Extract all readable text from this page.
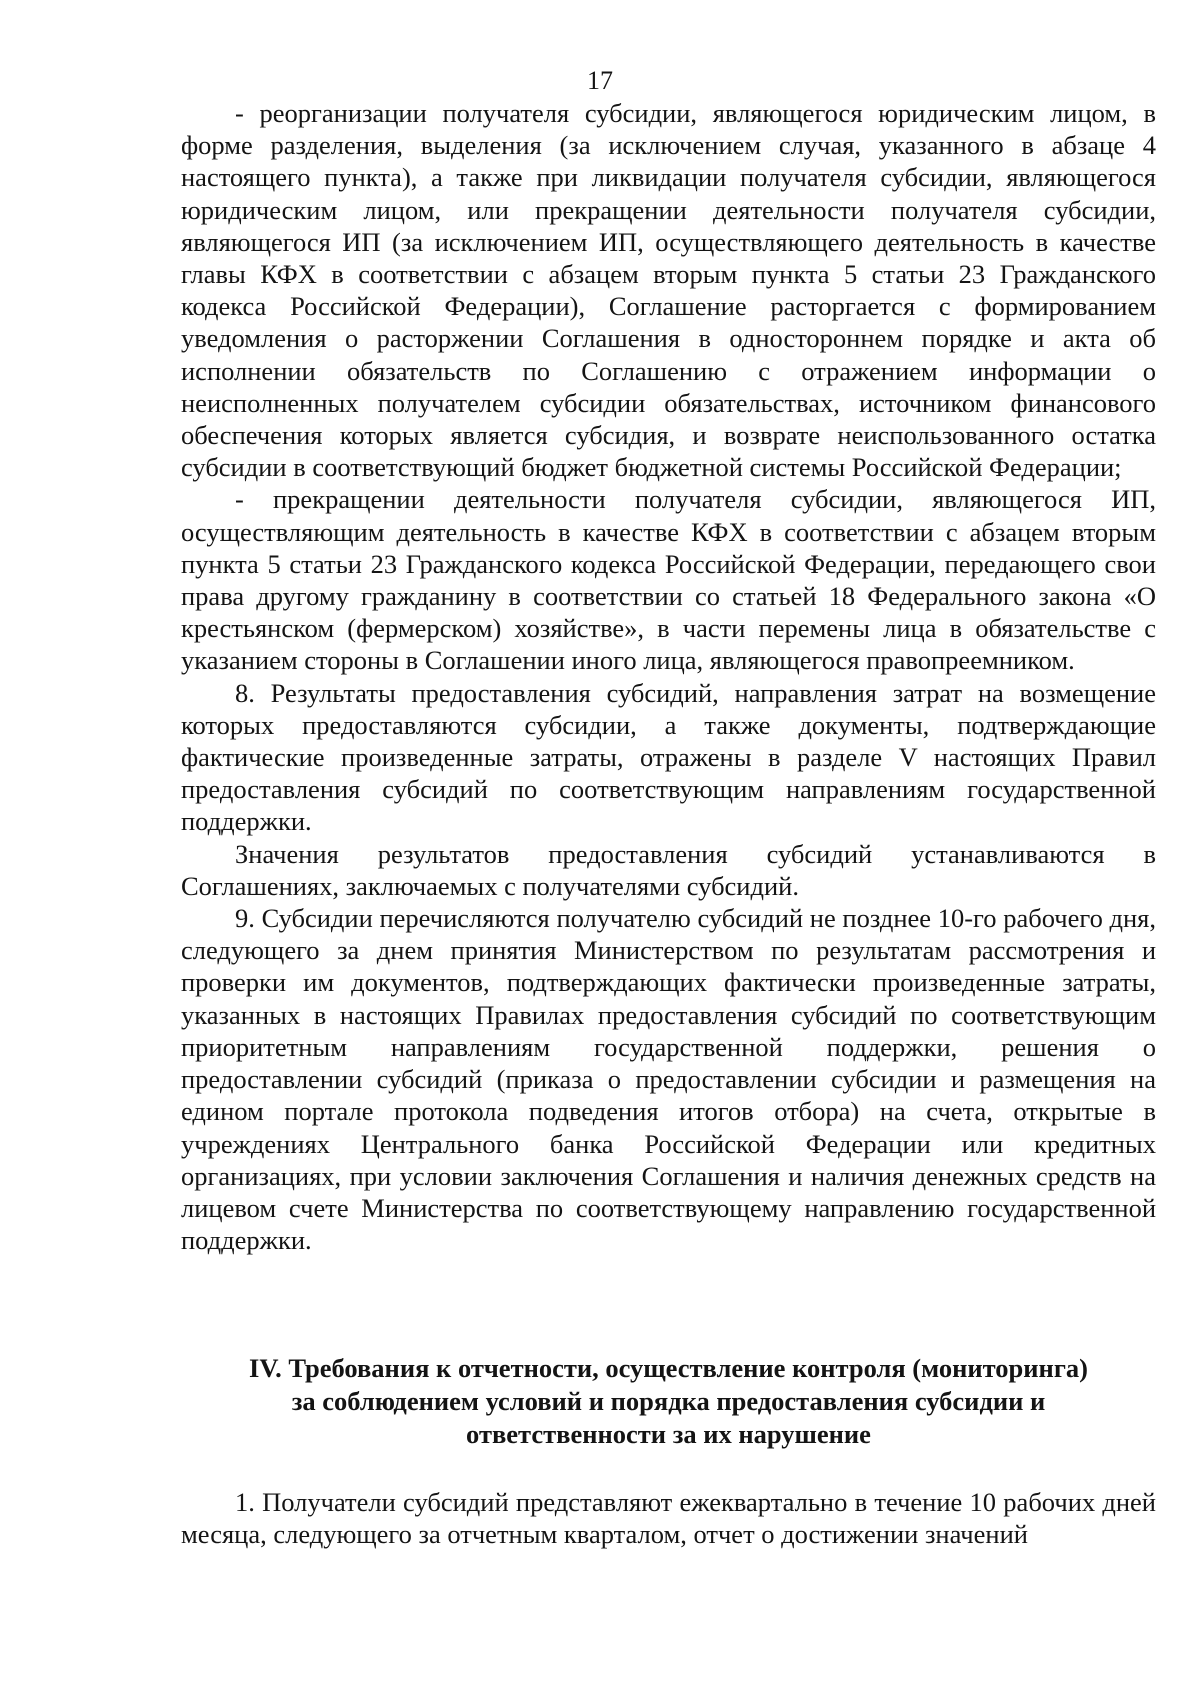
17

- реорганизации получателя субсидии, являющегося юридическим лицом, в форме разделения, выделения (за исключением случая, указанного в абзаце 4 настоящего пункта), а также при ликвидации получателя субсидии, являющегося юридическим лицом, или прекращении деятельности получателя субсидии, являющегося ИП (за исключением ИП, осуществляющего деятельность в качестве главы КФХ в соответствии с абзацем вторым пункта 5 статьи 23 Гражданского кодекса Российской Федерации), Соглашение расторгается с формированием уведомления о расторжении Соглашения в одностороннем порядке и акта об исполнении обязательств по Соглашению с отражением информации о неисполненных получателем субсидии обязательствах, источником финансового обеспечения которых является субсидия, и возврате неиспользованного остатка субсидии в соответствующий бюджет бюджетной системы Российской Федерации;

- прекращении деятельности получателя субсидии, являющегося ИП, осуществляющим деятельность в качестве КФХ в соответствии с абзацем вторым пункта 5 статьи 23 Гражданского кодекса Российской Федерации, передающего свои права другому гражданину в соответствии со статьей 18 Федерального закона «О крестьянском (фермерском) хозяйстве», в части перемены лица в обязательстве с указанием стороны в Соглашении иного лица, являющегося правопреемником.

8. Результаты предоставления субсидий, направления затрат на возмещение которых предоставляются субсидии, а также документы, подтверждающие фактические произведенные затраты, отражены в разделе V настоящих Правил предоставления субсидий по соответствующим направлениям государственной поддержки.

Значения результатов предоставления субсидий устанавливаются в Соглашениях, заключаемых с получателями субсидий.

9. Субсидии перечисляются получателю субсидий не позднее 10-го рабочего дня, следующего за днем принятия Министерством по результатам рассмотрения и проверки им документов, подтверждающих фактически произведенные затраты, указанных в настоящих Правилах предоставления субсидий по соответствующим приоритетным направлениям государственной поддержки, решения о предоставлении субсидий (приказа о предоставлении субсидии и размещения на едином портале протокола подведения итогов отбора) на счета, открытые в учреждениях Центрального банка Российской Федерации или кредитных организациях, при условии заключения Соглашения и наличия денежных средств на лицевом счете Министерства по соответствующему направлению государственной поддержки.

IV. Требования к отчетности, осуществление контроля (мониторинга)
за соблюдением условий и порядка предоставления субсидии и
ответственности за их нарушение

1. Получатели субсидий представляют ежеквартально в течение 10 рабочих дней месяца, следующего за отчетным кварталом, отчет о достижении значений
